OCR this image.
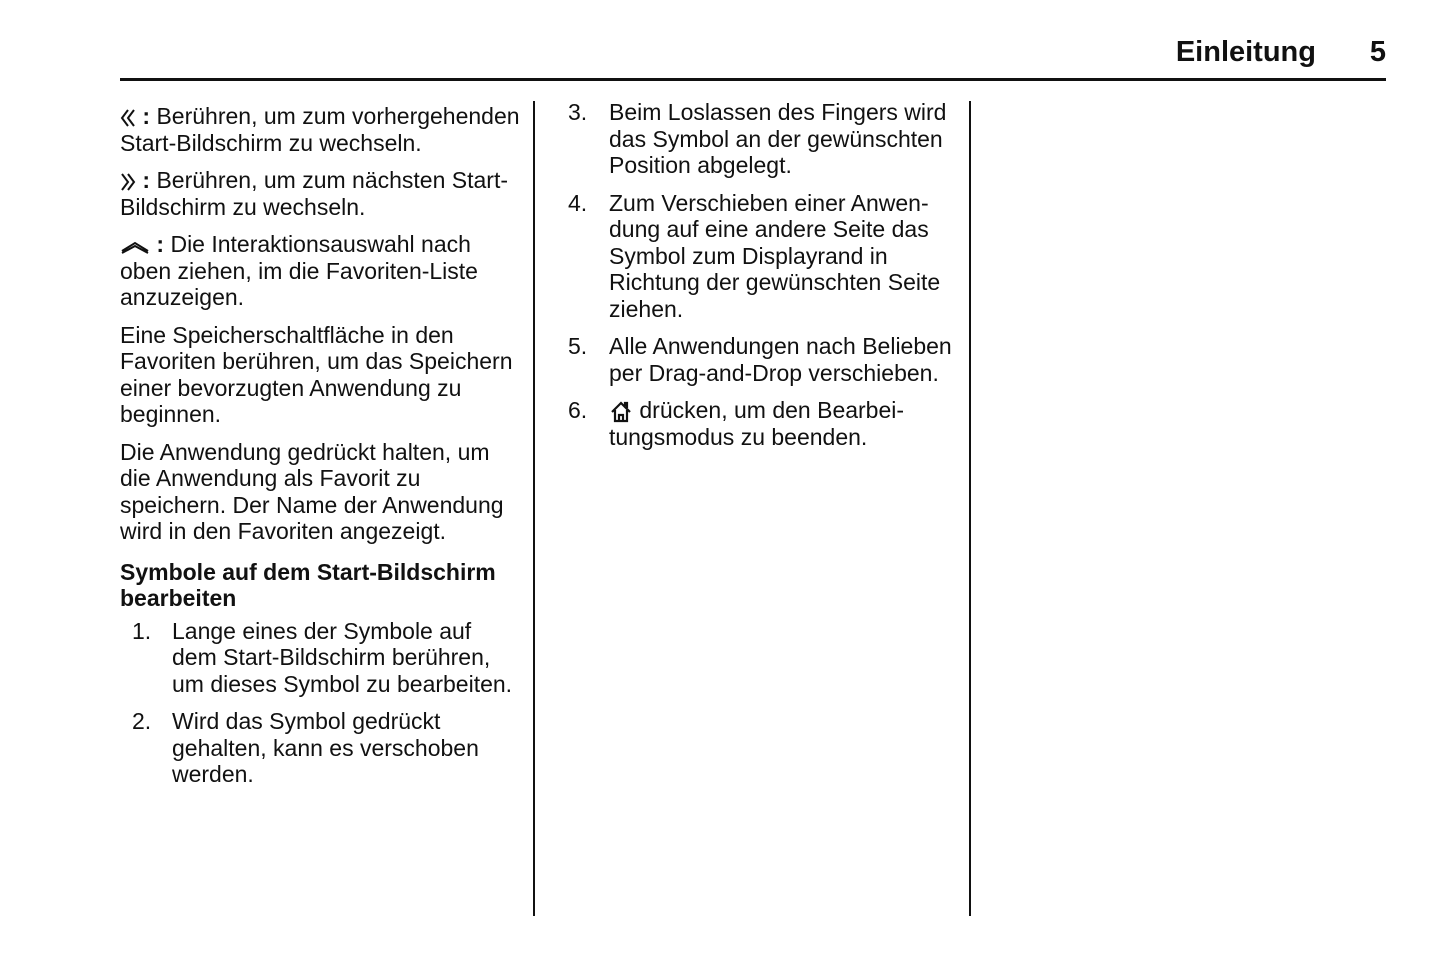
Einleitung	5

: Berühren, um zum vorhergehenden Start-Bildschirm zu wechseln.

: Berühren, um zum nächsten Start-Bildschirm zu wechseln.

: Die Interaktionsauswahl nach oben ziehen, im die Favoriten-Liste anzuzeigen.

Eine Speicherschaltfläche in den Favoriten berühren, um das Speichern einer bevorzugten Anwendung zu beginnen.

Die Anwendung gedrückt halten, um die Anwendung als Favorit zu speichern. Der Name der Anwendung wird in den Favoriten angezeigt.

Symbole auf dem Start-Bildschirm bearbeiten
1. Lange eines der Symbole auf dem Start-Bildschirm berühren, um dieses Symbol zu bearbeiten.
2. Wird das Symbol gedrückt gehalten, kann es verschoben werden.
3. Beim Loslassen des Fingers wird das Symbol an der gewünschten Position abgelegt.
4. Zum Verschieben einer Anwendung auf eine andere Seite das Symbol zum Displayrand in Richtung der gewünschten Seite ziehen.
5. Alle Anwendungen nach Belieben per Drag-and-Drop verschieben.
6. drücken, um den Bearbeitungsmodus zu beenden.
